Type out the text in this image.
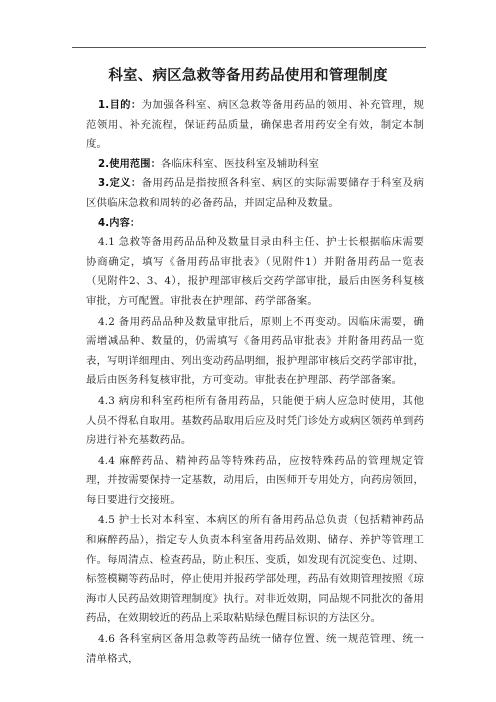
科室、病区急救等备用药品使用和管理制度

1.目的：为加强各科室、病区急救等备用药品的领用、补充管理，规范领用、补充流程，保证药品质量，确保患者用药安全有效，制定本制度。

2.使用范围：各临床科室、医技科室及辅助科室

3.定义：备用药品是指按照各科室、病区的实际需要储存于科室及病区供临床急救和周转的必备药品，并固定品种及数量。

4.内容：

4.1 急救等备用药品品种及数量目录由科主任、护士长根据临床需要协商确定，填写《备用药品审批表》（见附件1）并附备用药品一览表（见附件2、3、4），报护理部审核后交药学部审批，最后由医务科复核审批，方可配置。审批表在护理部、药学部备案。

4.2 备用药品品种及数量审批后，原则上不再变动。因临床需要，确需增减品种、数量的，仍需填写《备用药品审批表》并附备用药品一览表，写明详细理由、列出变动药品明细，报护理部审核后交药学部审批，最后由医务科复核审批，方可变动。审批表在护理部、药学部备案。

4.3 病房和科室药柜所有备用药品，只能便于病人应急时使用，其他人员不得私自取用。基数药品取用后应及时凭门诊处方或病区领药单到药房进行补充基数药品。

4.4 麻醉药品、精神药品等特殊药品，应按特殊药品的管理规定管理，并按需要保持一定基数，动用后，由医师开专用处方，向药房领回，每日要进行交接班。

4.5 护士长对本科室、本病区的所有备用药品总负责（包括精神药品和麻醉药品），指定专人负责本科室备用药品效期、储存、养护等管理工作。每周清点、检查药品，防止积压、变质，如发现有沉淀变色、过期、标签模糊等药品时，停止使用并报药学部处理，药品有效期管理按照《琼海市人民药品效期管理制度》执行。对非近效期，同品规不同批次的备用药品，在效期较近的药品上采取粘贴绿色醒目标识的方法区分。

4.6 各科室病区备用急救等药品统一储存位置、统一规范管理、统一清单格式，
